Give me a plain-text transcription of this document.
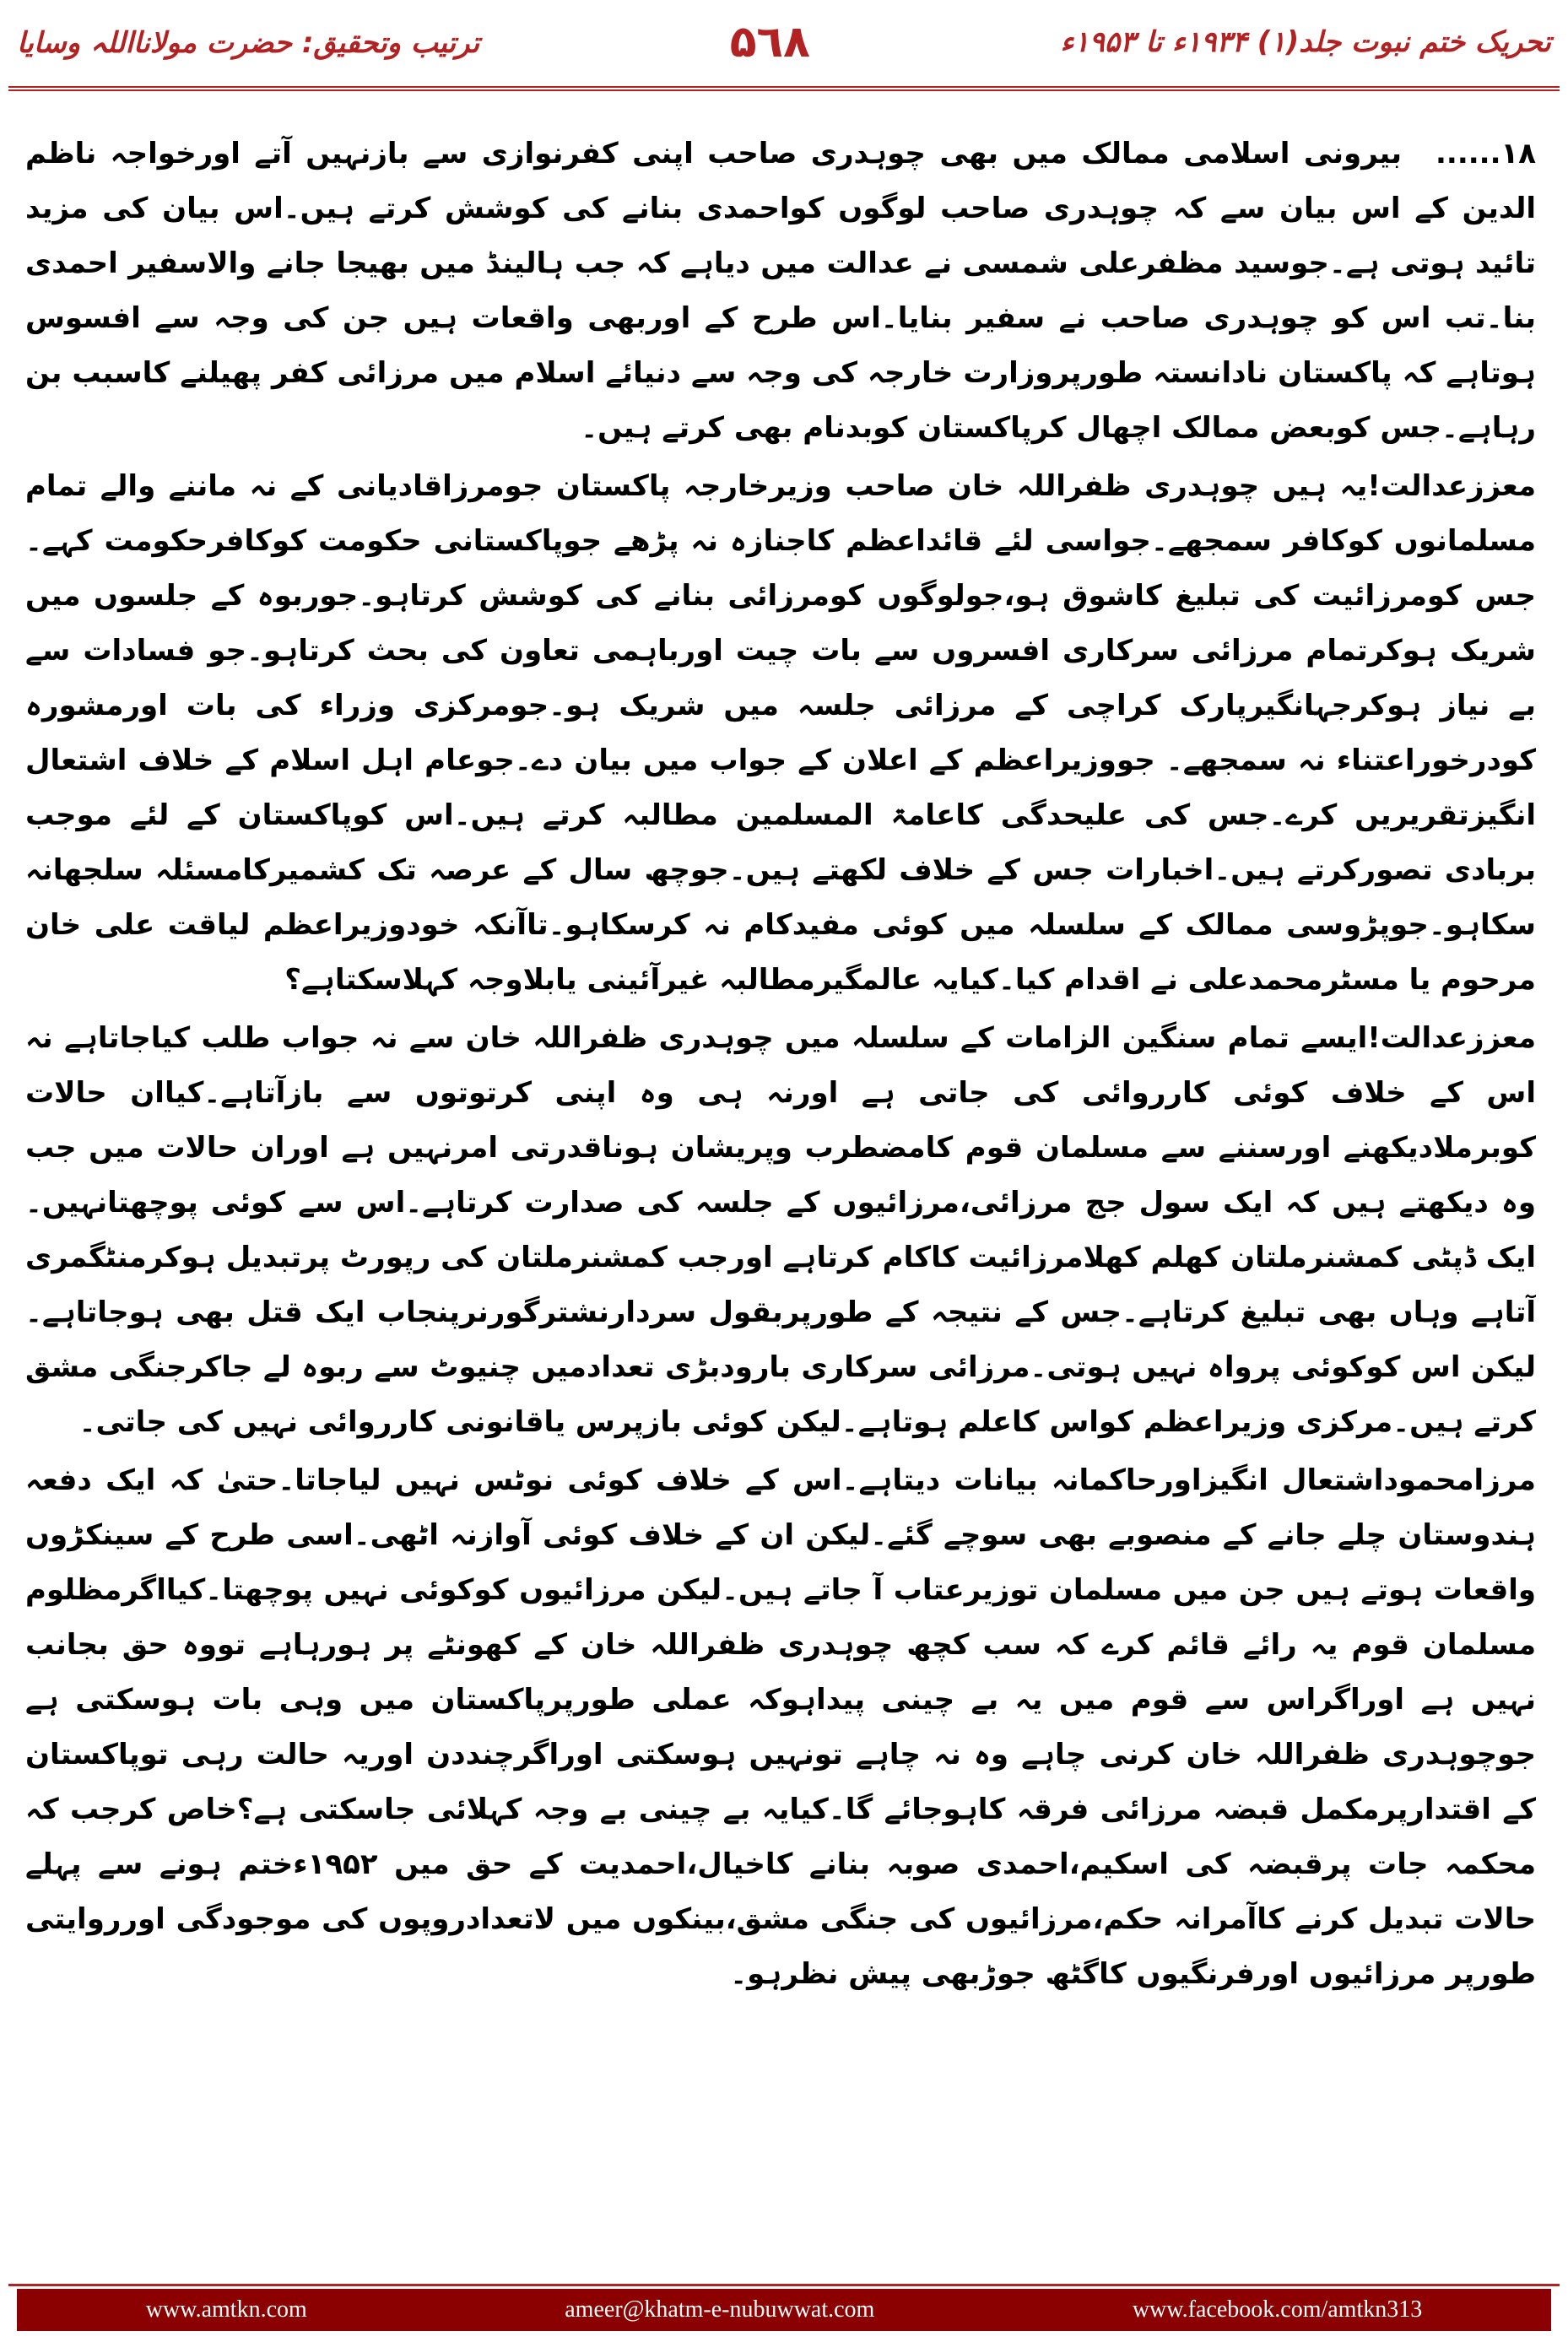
تحریک ختم نبوت جلد(۱) ۱۹۳۴ء تا ۱۹۵۳ء
۵٦۸
ترتیب وتحقیق: حضرت مولانااللہ وسایا

۱۸......بیرونی اسلامی ممالک میں بھی چوہدری صاحب اپنی کفرنوازی سے بازنہیں آتے اورخواجہ ناظم الدین کے اس بیان سے کہ چوہدری صاحب لوگوں کواحمدی بنانے کی کوشش کرتے ہیں۔اس بیان کی مزید تائید ہوتی ہے۔جوسید مظفرعلی شمسی نے عدالت میں دیاہے کہ جب ہالینڈ میں بھیجا جانے والاسفیر احمدی بنا۔تب اس کو چوہدری صاحب نے سفیر بنایا۔اس طرح کے اوربھی واقعات ہیں جن کی وجہ سے افسوس ہوتاہے کہ پاکستان نادانستہ طورپروزارت خارجہ کی وجہ سے دنیائے اسلام میں مرزائی کفر پھیلنے کاسبب بن رہاہے۔جس کوبعض ممالک اچھال کرپاکستان کوبدنام بھی کرتے ہیں۔

معززعدالت!یہ ہیں چوہدری ظفراللہ خان صاحب وزیرخارجہ پاکستان جومرزاقادیانی کے نہ ماننے والے تمام مسلمانوں کوکافر سمجھے۔جواسی لئے قائداعظم کاجنازہ نہ پڑھے جوپاکستانی حکومت کوکافرحکومت کہے۔جس کومرزائیت کی تبلیغ کاشوق ہو،جولوگوں کومرزائی بنانے کی کوشش کرتاہو۔جوربوہ کے جلسوں میں شریک ہوکرتمام مرزائی سرکاری افسروں سے بات چیت اورباہمی تعاون کی بحث کرتاہو۔جو فسادات سے بے نیاز ہوکرجہانگیرپارک کراچی کے مرزائی جلسہ میں شریک ہو۔جومرکزی وزراء کی بات اورمشورہ کودرخوراعتناء نہ سمجھے۔ جووزیراعظم کے اعلان کے جواب میں بیان دے۔جوعام اہل اسلام کے خلاف اشتعال انگیزتقریریں کرے۔جس کی علیحدگی کاعامۃ المسلمین مطالبہ کرتے ہیں۔اس کوپاکستان کے لئے موجب بربادی تصورکرتے ہیں۔اخبارات جس کے خلاف لکھتے ہیں۔جوچھ سال کے عرصہ تک کشمیرکامسئلہ سلجھانہ سکاہو۔جوپڑوسی ممالک کے سلسلہ میں کوئی مفیدکام نہ کرسکاہو۔تاآنکہ خودوزیراعظم لیاقت علی خان مرحوم یا مسٹرمحمدعلی نے اقدام کیا۔کیایہ عالمگیرمطالبہ غیرآئینی یابلاوجہ کہلاسکتاہے؟

معززعدالت!ایسے تمام سنگین الزامات کے سلسلہ میں چوہدری ظفراللہ خان سے نہ جواب طلب کیاجاتاہے نہ اس کے خلاف کوئی کارروائی کی جاتی ہے اورنہ ہی وہ اپنی کرتوتوں سے بازآتاہے۔کیاان حالات کوبرملادیکھنے اورسننے سے مسلمان قوم کامضطرب وپریشان ہوناقدرتی امرنہیں ہے اوران حالات میں جب وہ دیکھتے ہیں کہ ایک سول جج مرزائی،مرزائیوں کے جلسہ کی صدارت کرتاہے۔اس سے کوئی پوچھتانہیں۔ایک ڈپٹی کمشنرملتان کھلم کھلامرزائیت کاکام کرتاہے اورجب کمشنرملتان کی رپورٹ پرتبدیل ہوکرمنٹگمری آتاہے وہاں بھی تبلیغ کرتاہے۔جس کے نتیجہ کے طورپربقول سردارنشترگورنرپنجاب ایک قتل بھی ہوجاتاہے۔لیکن اس کوکوئی پرواہ نہیں ہوتی۔مرزائی سرکاری بارودبڑی تعدادمیں چنیوٹ سے ربوہ لے جاکرجنگی مشق کرتے ہیں۔مرکزی وزیراعظم کواس کاعلم ہوتاہے۔لیکن کوئی بازپرس یاقانونی کارروائی نہیں کی جاتی۔

مرزامحموداشتعال انگیزاورحاکمانہ بیانات دیتاہے۔اس کے خلاف کوئی نوٹس نہیں لیاجاتا۔حتیٰ کہ ایک دفعہ ہندوستان چلے جانے کے منصوبے بھی سوچے گئے۔لیکن ان کے خلاف کوئی آوازنہ اٹھی۔اسی طرح کے سینکڑوں واقعات ہوتے ہیں جن میں مسلمان توزیرعتاب آ جاتے ہیں۔لیکن مرزائیوں کوکوئی نہیں پوچھتا۔کیااگرمظلوم مسلمان قوم یہ رائے قائم کرے کہ سب کچھ چوہدری ظفراللہ خان کے کھونٹے پر ہورہاہے تووہ حق بجانب نہیں ہے اوراگراس سے قوم میں یہ بے چینی پیداہوکہ عملی طورپرپاکستان میں وہی بات ہوسکتی ہے جوچوہدری ظفراللہ خان کرنی چاہے وہ نہ چاہے تونہیں ہوسکتی اوراگرچنددن اوریہ حالت رہی توپاکستان کے اقتدارپرمکمل قبضہ مرزائی فرقہ کاہوجائے گا۔کیایہ بے چینی بے وجہ کہلائی جاسکتی ہے؟خاص کرجب کہ محکمہ جات پرقبضہ کی اسکیم،احمدی صوبہ بنانے کاخیال،احمدیت کے حق میں ۱۹۵۲ءختم ہونے سے پہلے حالات تبدیل کرنے کاآمرانہ حکم،مرزائیوں کی جنگی مشق،بینکوں میں لاتعدادروپوں کی موجودگی اورروایتی طورپر مرزائیوں اورفرنگیوں کاگٹھ جوڑبھی پیش نظرہو۔

www.amtkn.com	ameer@khatm-e-nubuwwat.com	www.facebook.com/amtkn313
